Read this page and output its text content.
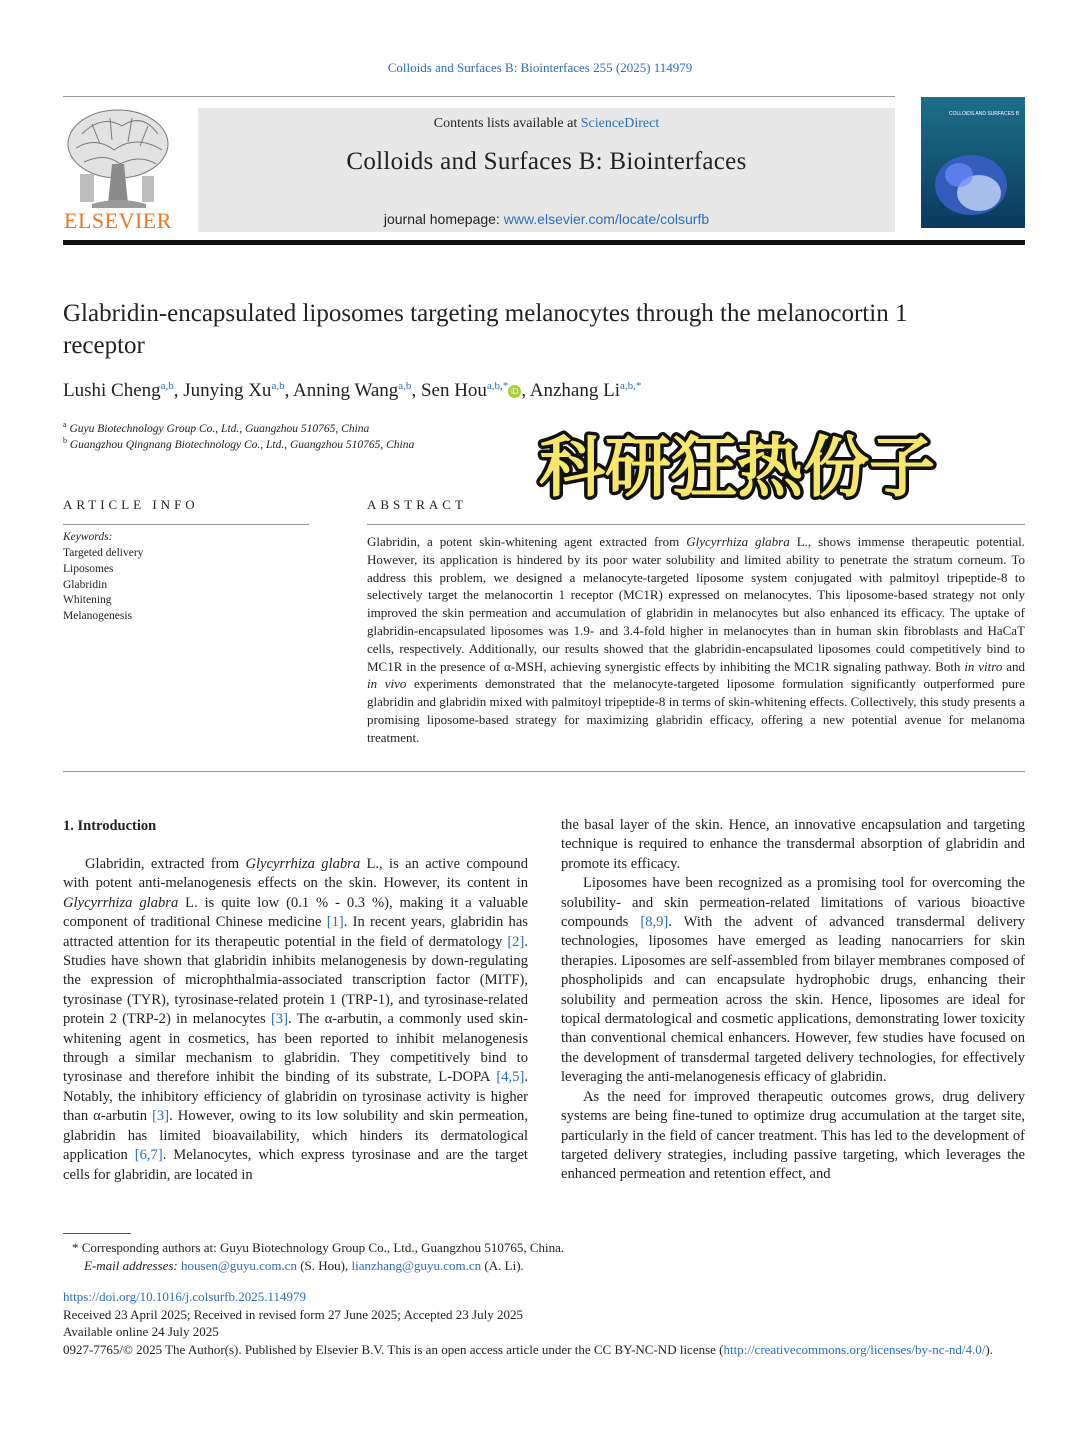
Colloids and Surfaces B: Biointerfaces 255 (2025) 114979
ELSEVIER
Contents lists available at ScienceDirect
Colloids and Surfaces B: Biointerfaces
journal homepage: www.elsevier.com/locate/colsurfb
COLLOIDS AND SURFACES B
Glabridin-encapsulated liposomes targeting melanocytes through the melanocortin 1 receptor
Lushi Cheng$^{a,b}$, Junying Xu$^{a,b}$, Anning Wang$^{a,b}$, Sen Hou$^{a,b,*}$ iD , Anzhang $Li^{a,b,*}$
$^a$ Guyu Biotechnology Group Co., Ltd., Guangzhou 510765, China
$^b$ Guangzhou Qingnang Biotechnology Co., Ltd., Guangzhou 510765, China 科研狂热份子
ARTICLE INFO
Keywords:
Targeted delivery
Liposomes
Glabridin
Whitening
Melanogenesis
ABSTRACT
Glabridin, a potent skin-whitening agent extracted from Glycyrrhiza glabra L., shows immense therapeutic potential. However, its application is hindered by its poor water solubility and limited ability to penetrate the stratum corneum. To address this problem, we designed a melanocyte-targeted liposome system conjugated with palmitoyl tripeptide-8 to selectively target the melanocortin 1 receptor (MC1R) expressed on melanocytes. This liposome-based strategy not only improved the skin permeation and accumulation of glabridin in melanocytes but also enhanced its efficacy. The uptake of glabridin-encapsulated liposomes was 1.9- and 3.4-fold higher in melanocytes than in human skin fibroblasts and HaCaT cells, respectively. Additionally, our results showed that the glabridin-encapsulated liposomes could competitively bind to MC1R in the presence of α-MSH, achieving synergistic effects by inhibiting the MC1R signaling pathway. Both in vitro and in vivo experiments demonstrated that the melanocyte-targeted liposome formulation significantly outperformed pure glabridin and glabridin mixed with palmitoyl tripeptide-8 in terms of skin-whitening effects. Collectively, this study presents a promising liposome-based strategy for maximizing glabridin efficacy, offering a new potential avenue for melanoma treatment.
1. Introduction

Glabridin, extracted from Glycyrrhiza glabra L., is an active compound with potent anti-melanogenesis effects on the skin. However, its content in Glycyrrhiza glabra L. is quite low (0.1 % - 0.3 %), making it a valuable component of traditional Chinese medicine [1]. In recent years, glabridin has attracted attention for its therapeutic potential in the field of dermatology [2]. Studies have shown that glabridin inhibits melanogenesis by down-regulating the expression of microphthalmia-associated transcription factor (MITF), tyrosinase (TYR), tyrosinase-related protein 1 (TRP-1), and tyrosinase-related protein 2 (TRP-2) in melanocytes [3]. The α-arbutin, a commonly used skin-whitening agent in cosmetics, has been reported to inhibit melanogenesis through a similar mechanism to glabridin. They competitively bind to tyrosinase and therefore inhibit the binding of its substrate, L-DOPA [4,5]. Notably, the inhibitory efficiency of glabridin on tyrosinase activity is higher than α-arbutin [3]. However, owing to its low solubility and skin permeation, glabridin has limited bioavailability, which hinders its dermatological application [6,7]. Melanocytes, which express tyrosinase and are the target cells for glabridin, are located in

the basal layer of the skin. Hence, an innovative encapsulation and targeting technique is required to enhance the transdermal absorption of glabridin and promote its efficacy.

Liposomes have been recognized as a promising tool for overcoming the solubility- and skin permeation-related limitations of various bioactive compounds [8,9]. With the advent of advanced transdermal delivery technologies, liposomes have emerged as leading nanocarriers for skin therapies. Liposomes are self-assembled from bilayer membranes composed of phospholipids and can encapsulate hydrophobic drugs, enhancing their solubility and permeation across the skin. Hence, liposomes are ideal for topical dermatological and cosmetic applications, demonstrating lower toxicity than conventional chemical enhancers. However, few studies have focused on the development of transdermal targeted delivery technologies, for effectively leveraging the anti-melanogenesis efficacy of glabridin.

As the need for improved therapeutic outcomes grows, drug delivery systems are being fine-tuned to optimize drug accumulation at the target site, particularly in the field of cancer treatment. This has led to the development of targeted delivery strategies, including passive targeting, which leverages the enhanced permeation and retention effect, and

* Corresponding authors at: Guyu Biotechnology Group Co., Ltd., Guangzhou 510765, China.
E-mail addresses: housen@guyu.com.cn (S. Hou), lianzhang@guyu.com.cn (A. Li).
https://doi.org/10.1016/j.colsurfb.2025.114979
Received 23 April 2025; Received in revised form 27 June 2025; Accepted 23 July 2025
Available online 24 July 2025
0927-7765/© 2025 The Author(s). Published by Elsevier B.V. This is an open access article under the CC BY-NC-ND license (http://creativecommons.org/licenses/by-nc-nd/4.0/).
